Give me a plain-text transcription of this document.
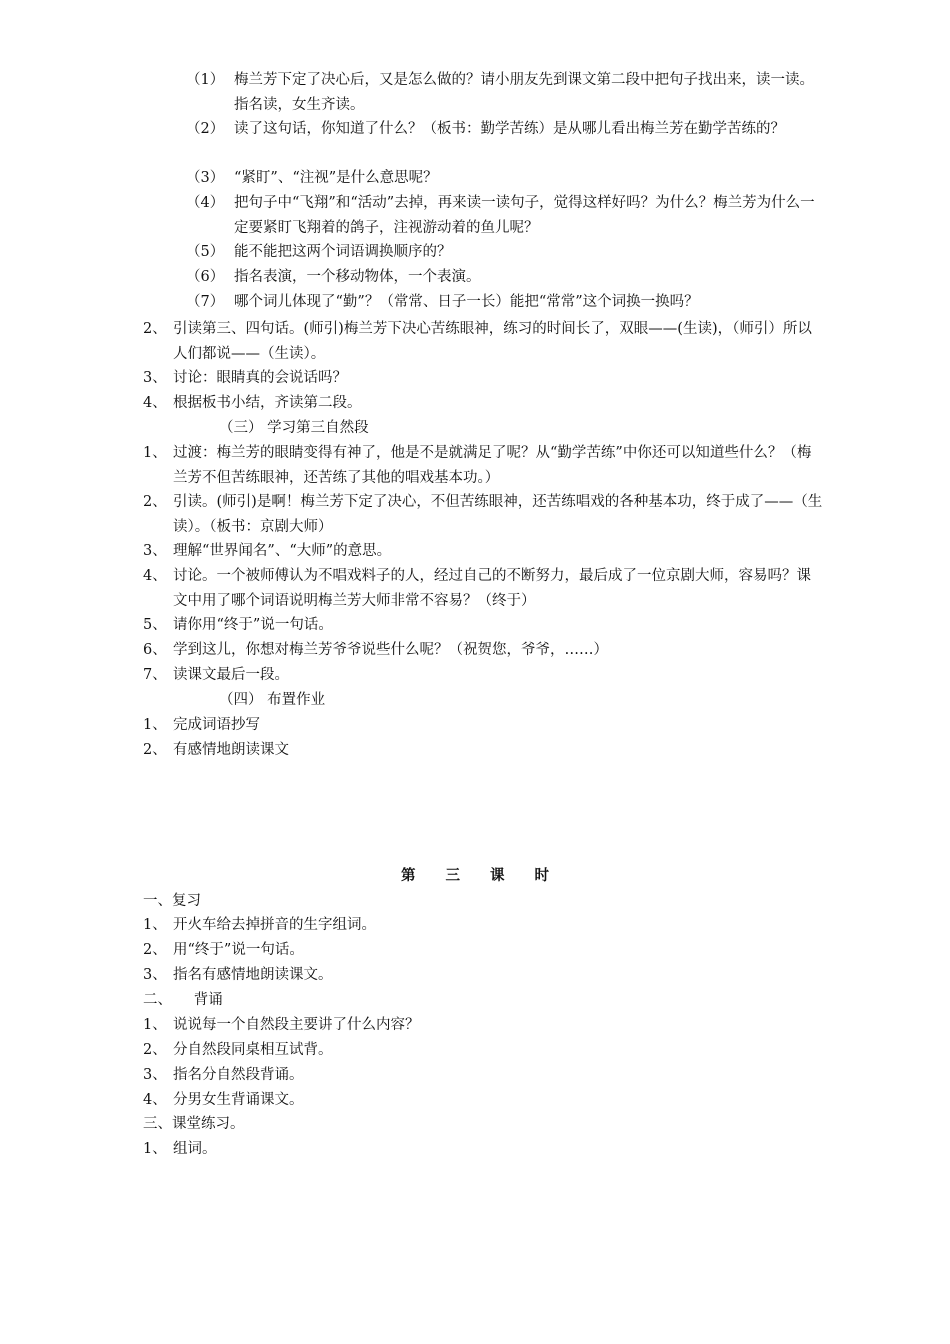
（1） 梅兰芳下定了决心后，又是怎么做的？请小朋友先到课文第二段中把句子找出来，读一读。指名读，女生齐读。
（2） 读了这句话，你知道了什么？（板书：勤学苦练）是从哪儿看出梅兰芳在勤学苦练的？
（3） “紧盯”、“注视”是什么意思呢？
（4） 把句子中“飞翔”和“活动”去掉，再来读一读句子，觉得这样好吗？为什么？梅兰芳为什么一定要紧盯飞翔着的鸽子，注视游动着的鱼儿呢？
（5） 能不能把这两个词语调换顺序的？
（6） 指名表演，一个移动物体，一个表演。
（7） 哪个词儿体现了“勤”？（常常、日子一长）能把“常常”这个词换一换吗？
2、 引读第三、四句话。(师引)梅兰芳下决心苦练眼神，练习的时间长了，双眼——(生读)，（师引）所以人们都说——（生读）。
3、 讨论：眼睛真的会说话吗？
4、 根据板书小结，齐读第二段。
（三） 学习第三自然段
1、 过渡：梅兰芳的眼睛变得有神了，他是不是就满足了呢？从“勤学苦练”中你还可以知道些什么？（梅兰芳不但苦练眼神，还苦练了其他的唱戏基本功。）
2、 引读。(师引)是啊！梅兰芳下定了决心，不但苦练眼神，还苦练唱戏的各种基本功，终于成了——（生读）。（板书：京剧大师）
3、 理解“世界闻名”、“大师”的意思。
4、 讨论。一个被师傅认为不唱戏料子的人，经过自己的不断努力，最后成了一位京剧大师，容易吗？课文中用了哪个词语说明梅兰芳大师非常不容易？（终于）
5、 请你用“终于”说一句话。
6、 学到这儿，你想对梅兰芳爷爷说些什么呢？（祝贺您，爷爷，……）
7、 读课文最后一段。
（四） 布置作业
1、 完成词语抄写
2、 有感情地朗读课文
第三课时
一、复习
1、 开火车给去掉拼音的生字组词。
2、 用“终于”说一句话。
3、 指名有感情地朗读课文。
二、　　背诵
1、 说说每一个自然段主要讲了什么内容？
2、 分自然段同桌相互试背。
3、 指名分自然段背诵。
4、 分男女生背诵课文。
三、课堂练习。
1、 组词。
